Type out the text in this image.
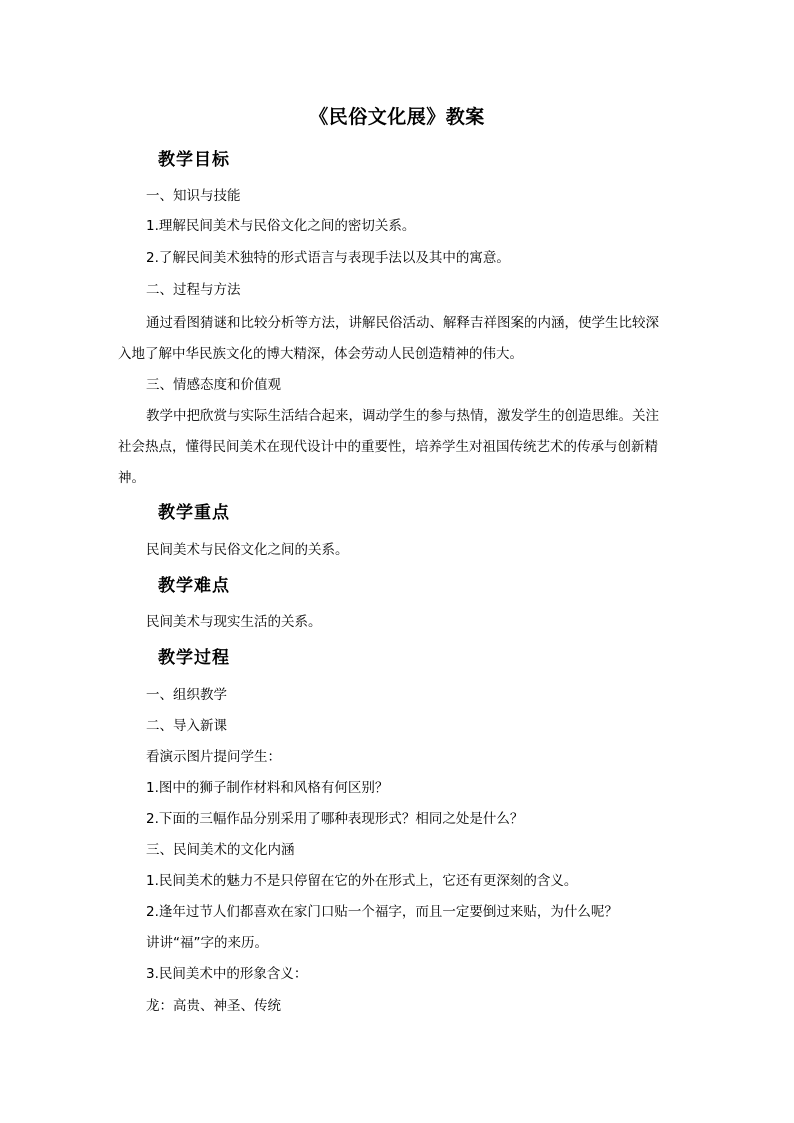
《民俗文化展》教案
教学目标
一、知识与技能
1.理解民间美术与民俗文化之间的密切关系。
2.了解民间美术独特的形式语言与表现手法以及其中的寓意。
二、过程与方法
通过看图猜谜和比较分析等方法，讲解民俗活动、解释吉祥图案的内涵，使学生比较深
入地了解中华民族文化的博大精深，体会劳动人民创造精神的伟大。
三、情感态度和价值观
教学中把欣赏与实际生活结合起来，调动学生的参与热情，激发学生的创造思维。关注
社会热点，懂得民间美术在现代设计中的重要性，培养学生对祖国传统艺术的传承与创新精
神。
教学重点
民间美术与民俗文化之间的关系。
教学难点
民间美术与现实生活的关系。
教学过程
一、组织教学
二、导入新课
看演示图片提问学生：
1.图中的狮子制作材料和风格有何区别？
2.下面的三幅作品分别采用了哪种表现形式？相同之处是什么？
三、民间美术的文化内涵
1.民间美术的魅力不是只停留在它的外在形式上，它还有更深刻的含义。
2.逢年过节人们都喜欢在家门口贴一个福字，而且一定要倒过来贴，为什么呢？
讲讲“福”字的来历。
3.民间美术中的形象含义：
龙：高贵、神圣、传统
